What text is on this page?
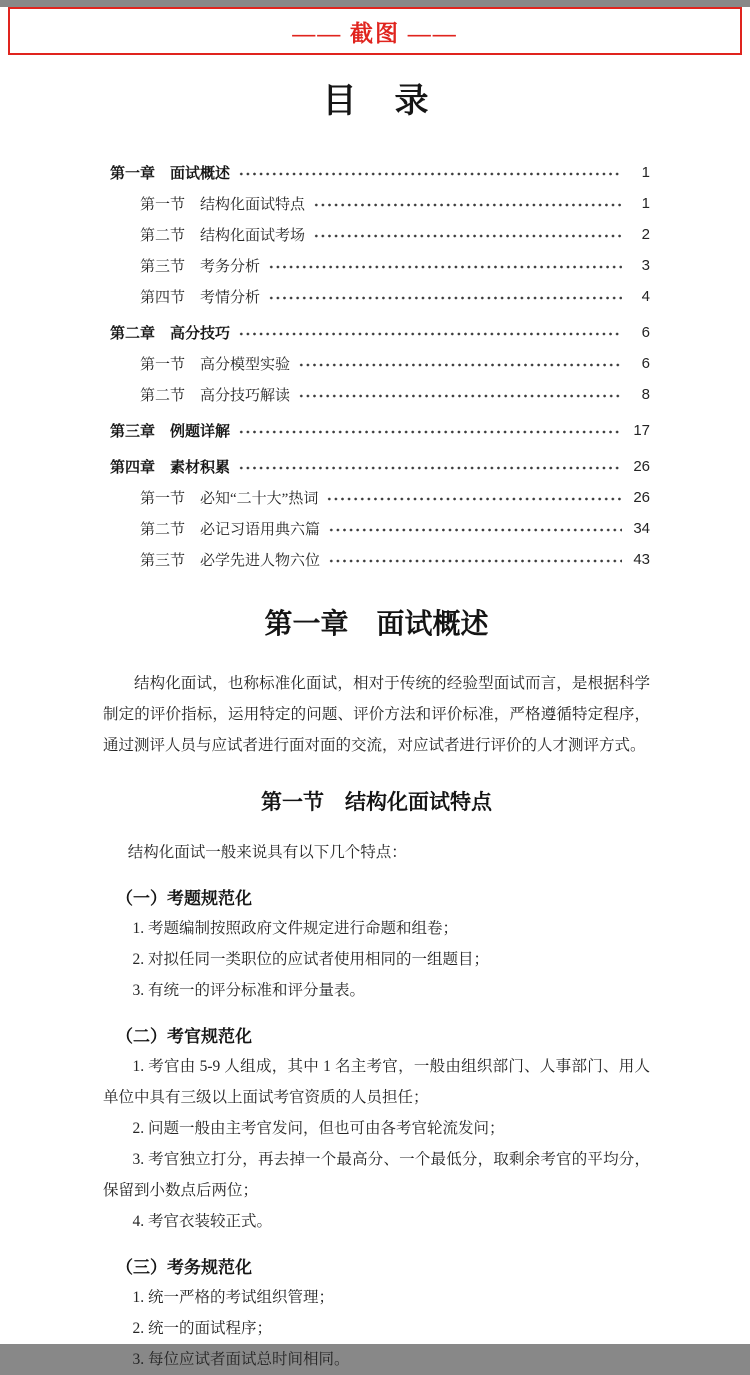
—— 截图 ——
目　录
第一章　面试概述	1
第一节　结构化面试特点	1
第二节　结构化面试考场	2
第三节　考务分析	3
第四节　考情分析	4
第二章　高分技巧	6
第一节　高分模型实验	6
第二节　高分技巧解读	8
第三章　例题详解	17
第四章　素材积累	26
第一节　必知“二十大”热词	26
第二节　必记习语用典六篇	34
第三节　必学先进人物六位	43
第一章　面试概述

结构化面试，也称标准化面试，相对于传统的经验型面试而言，是根据科学制定的评价指标，运用特定的问题、评价方法和评价标准，严格遵循特定程序，通过测评人员与应试者进行面对面的交流，对应试者进行评价的人才测评方式。

第一节　结构化面试特点

结构化面试一般来说具有以下几个特点：

（一）考题规范化

1. 考题编制按照政府文件规定进行命题和组卷；

2. 对拟任同一类职位的应试者使用相同的一组题目；

3. 有统一的评分标准和评分量表。

（二）考官规范化

1. 考官由 5-9 人组成，其中 1 名主考官，一般由组织部门、人事部门、用人单位中具有三级以上面试考官资质的人员担任；

2. 问题一般由主考官发问，但也可由各考官轮流发问；

3. 考官独立打分，再去掉一个最高分、一个最低分，取剩余考官的平均分，保留到小数点后两位；

4. 考官衣装较正式。

（三）考务规范化

1. 统一严格的考试组织管理；

2. 统一的面试程序；

3. 每位应试者面试总时间相同。
